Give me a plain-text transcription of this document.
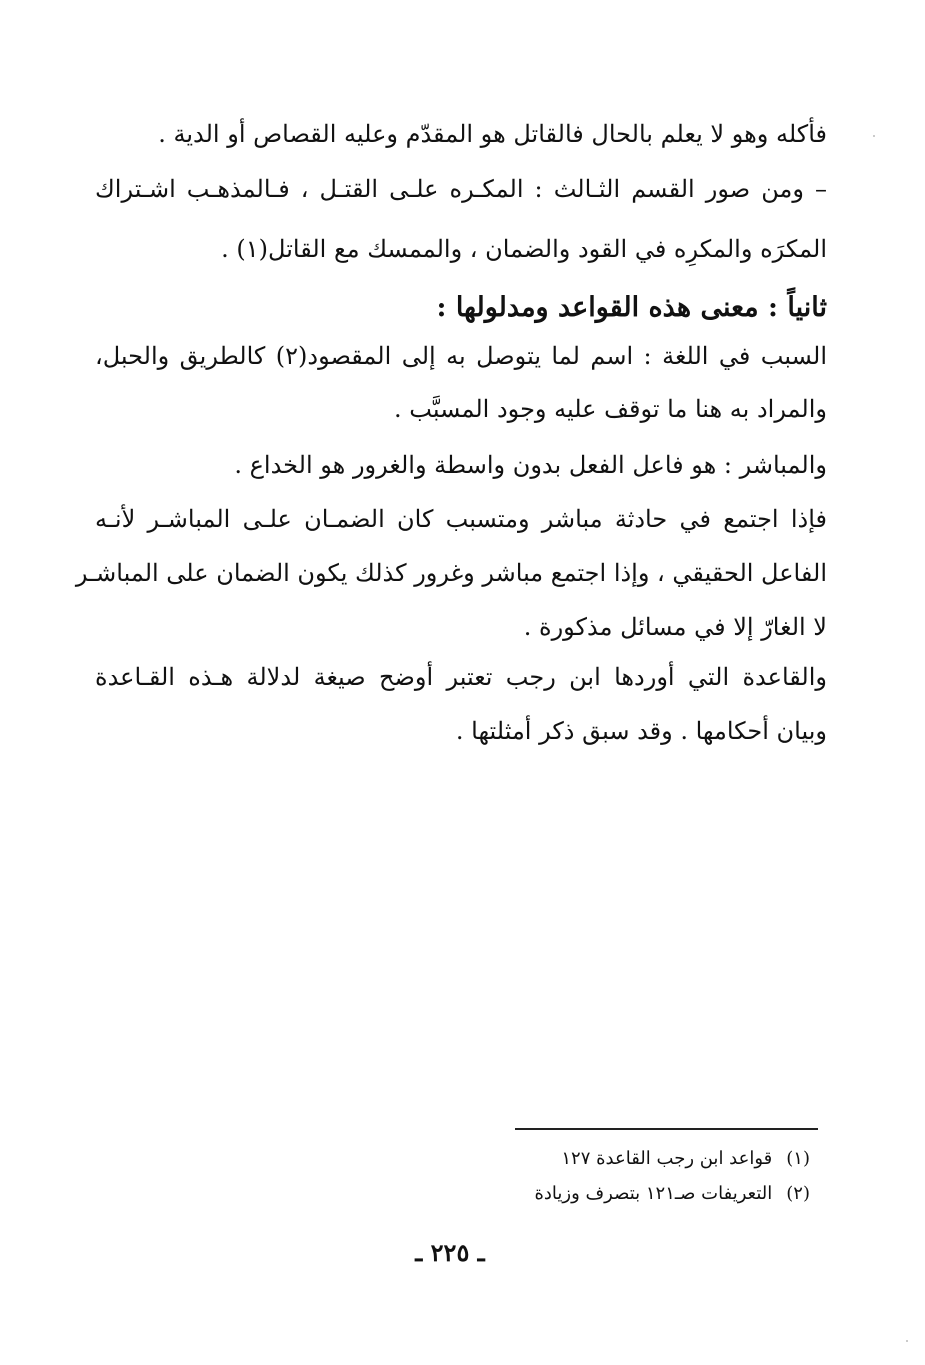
فأكله وهو لا يعلم بالحال فالقاتل هو المقدّم وعليه القصاص أو الدية .
– ومن صور القسم الثـالث : المكـره علـى القتـل ، فـالمذهـب اشـتراك
المكرَه والمكرِه في القود والضمان ، والممسك مع القاتل(١) .
ثانياً : معنى هذه القواعد ومدلولها :
السبب في اللغة : اسم لما يتوصل به إلى المقصود(٢) كالطريق والحبل،
والمراد به هنا ما توقف عليه وجود المسبَّب .
والمباشر : هو فاعل الفعل بدون واسطة والغرور هو الخداع .
فإذا اجتمع في حادثة مباشر ومتسبب كان الضمـان علـى المباشـر لأنـه
الفاعل الحقيقي ، وإذا اجتمع مباشر وغرور كذلك يكون الضمان على المباشـر
لا الغارّ إلا في مسائل مذكورة .
والقاعدة التي أوردها ابن رجب تعتبر أوضح صيغة لدلالة هـذه القـاعدة
وبيان أحكامها . وقد سبق ذكر أمثلتها .
(١)قواعد ابن رجب القاعدة ١٢٧
(٢)التعريفات صـ١٢١ بتصرف وزيادة
ـ ٢٢٥ ـ
